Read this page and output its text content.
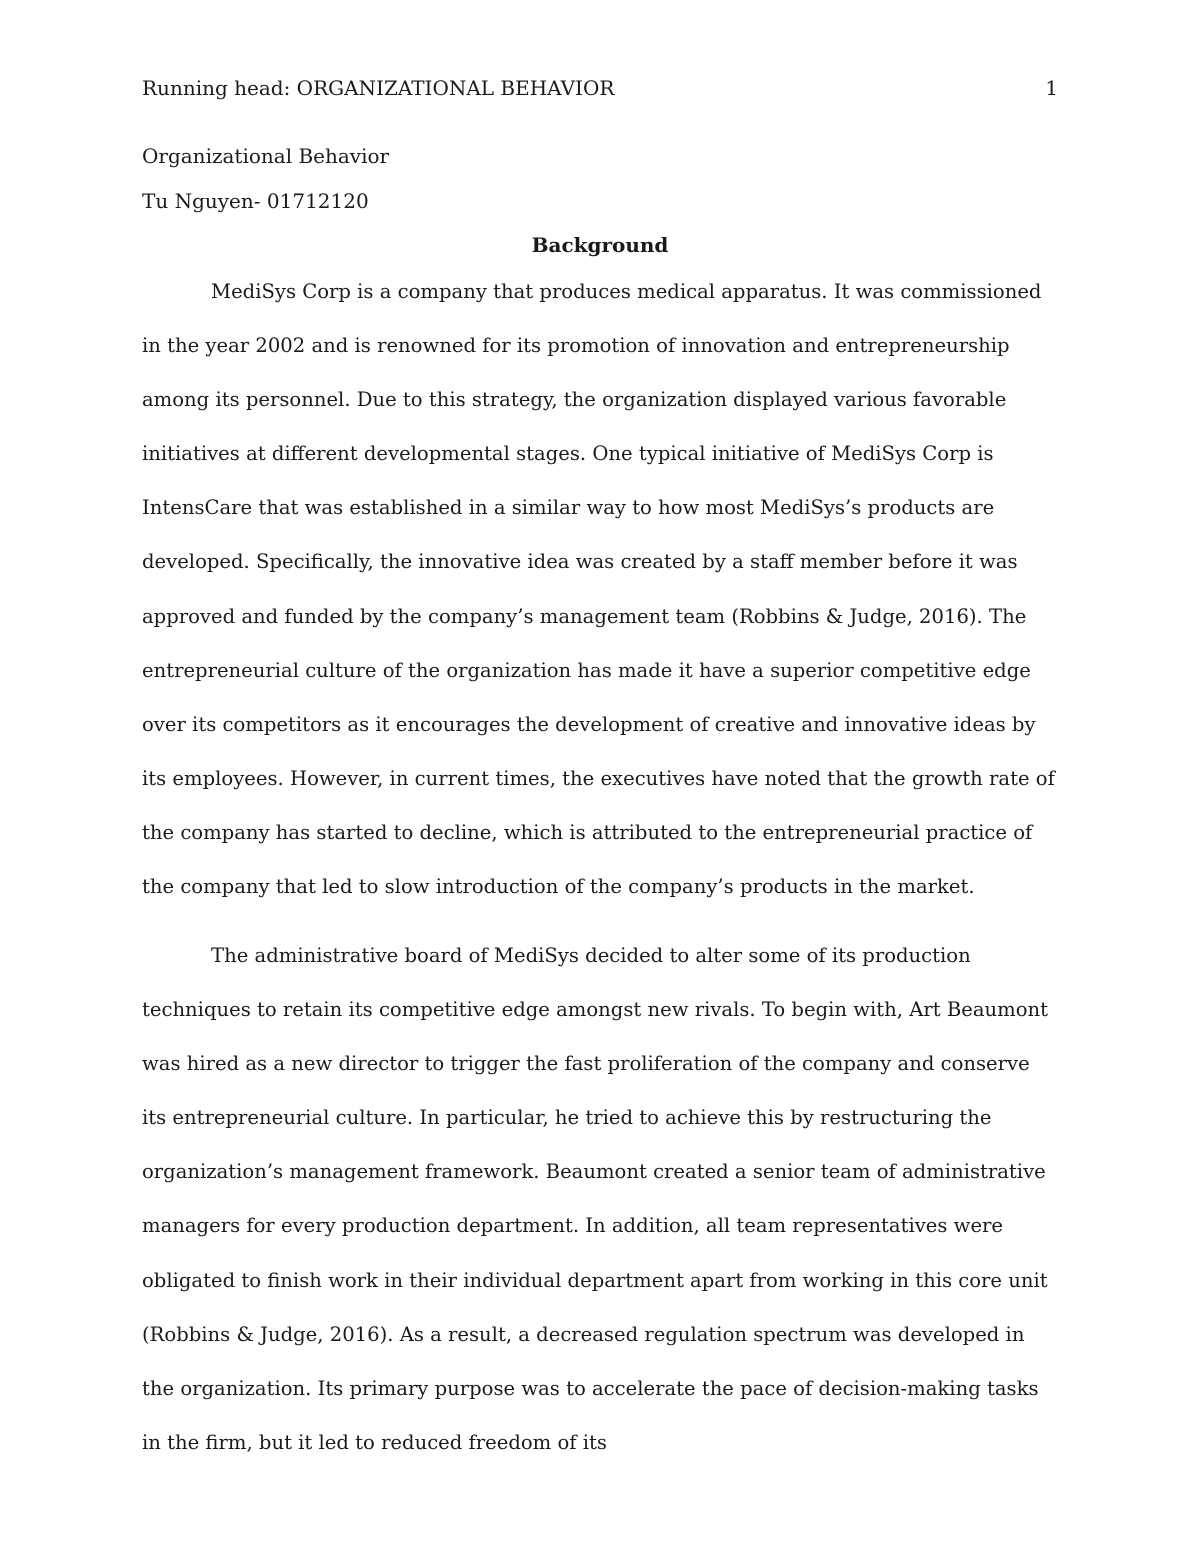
Running head: ORGANIZATIONAL BEHAVIOR	1
Organizational Behavior
Tu Nguyen- 01712120
Background

MediSys Corp is a company that produces medical apparatus. It was commissioned in the year 2002 and is renowned for its promotion of innovation and entrepreneurship among its personnel. Due to this strategy, the organization displayed various favorable initiatives at different developmental stages. One typical initiative of MediSys Corp is IntensCare that was established in a similar way to how most MediSys’s products are developed. Specifically, the innovative idea was created by a staff member before it was approved and funded by the company’s management team (Robbins & Judge, 2016). The entrepreneurial culture of the organization has made it have a superior competitive edge over its competitors as it encourages the development of creative and innovative ideas by its employees. However, in current times, the executives have noted that the growth rate of the company has started to decline, which is attributed to the entrepreneurial practice of the company that led to slow introduction of the company’s products in the market.

The administrative board of MediSys decided to alter some of its production techniques to retain its competitive edge amongst new rivals. To begin with, Art Beaumont was hired as a new director to trigger the fast proliferation of the company and conserve its entrepreneurial culture. In particular, he tried to achieve this by restructuring the organization’s management framework. Beaumont created a senior team of administrative managers for every production department. In addition, all team representatives were obligated to finish work in their individual department apart from working in this core unit (Robbins & Judge, 2016). As a result, a decreased regulation spectrum was developed in the organization. Its primary purpose was to accelerate the pace of decision-making tasks in the firm, but it led to reduced freedom of its
